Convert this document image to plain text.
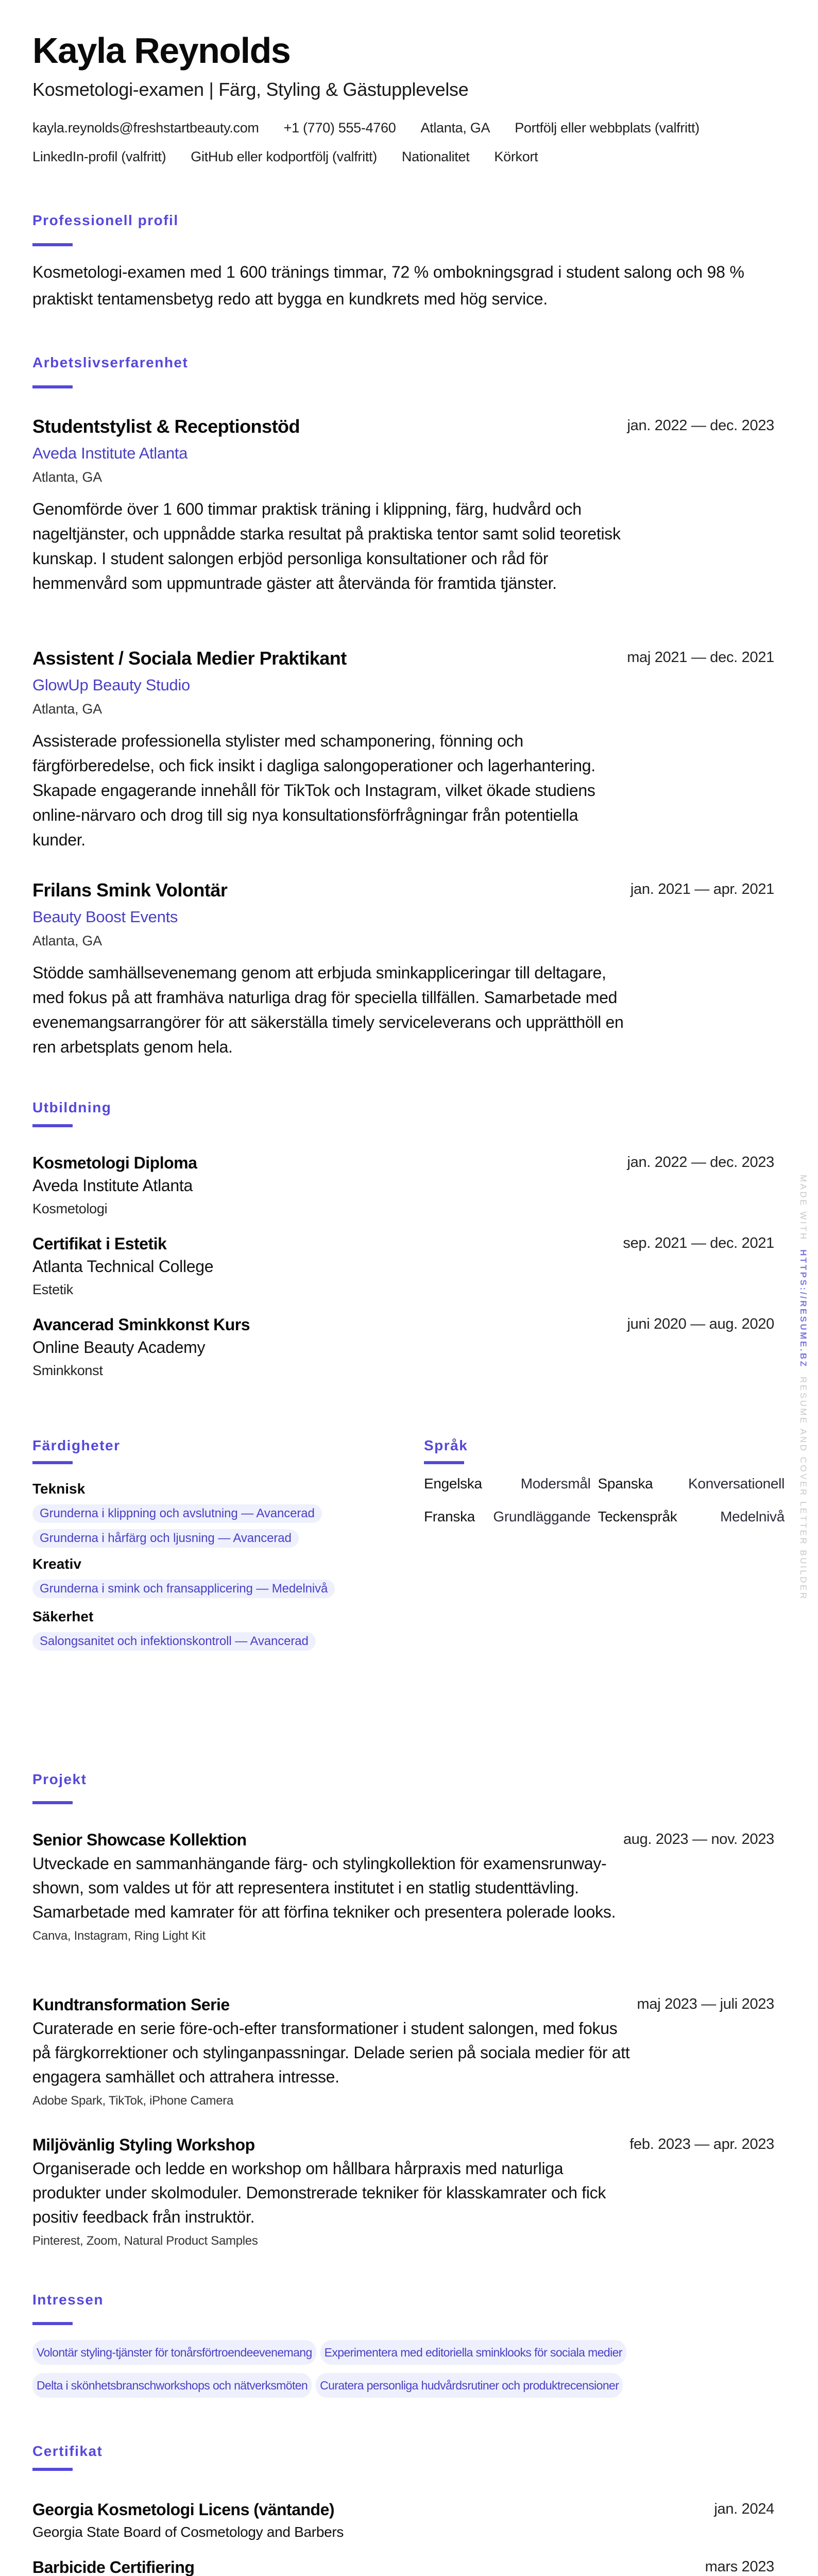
Kayla Reynolds
Kosmetologi-examen | Färg, Styling & Gästupplevelse
kayla.reynolds@freshstartbeauty.com +1 (770) 555-4760 Atlanta, GA Portfölj eller webbplats (valfritt)
LinkedIn-profil (valfritt) GitHub eller kodportfölj (valfritt) Nationalitet Körkort
Professionell profil

Kosmetologi-examen med 1 600 tränings timmar, 72 % ombokningsgrad i student salong och 98 % praktiskt tentamensbetyg redo att bygga en kundkrets med hög service.

Arbetslivserfarenhet
Studentstylist & Receptionstöd	jan. 2022 — dec. 2023
Aveda Institute Atlanta
Atlanta, GA
Genomförde över 1 600 timmar praktisk träning i klippning, färg, hudvård och nageltjänster, och uppnådde starka resultat på praktiska tentor samt solid teoretisk kunskap. I student salongen erbjöd personliga konsultationer och råd för hemmenvård som uppmuntrade gäster att återvända för framtida tjänster.
Assistent / Sociala Medier Praktikant	maj 2021 — dec. 2021
GlowUp Beauty Studio
Atlanta, GA
Assisterade professionella stylister med schamponering, fönning och färgförberedelse, och fick insikt i dagliga salongoperationer och lagerhantering. Skapade engagerande innehåll för TikTok och Instagram, vilket ökade studiens online-närvaro och drog till sig nya konsultationsförfrågningar från potentiella kunder.
Frilans Smink Volontär	jan. 2021 — apr. 2021
Beauty Boost Events
Atlanta, GA
Stödde samhällsevenemang genom att erbjuda sminkappliceringar till deltagare, med fokus på att framhäva naturliga drag för speciella tillfällen. Samarbetade med evenemangsarrangörer för att säkerställa timely serviceleverans och upprätthöll en ren arbetsplats genom hela.
Utbildning
Kosmetologi Diploma	jan. 2022 — dec. 2023
Aveda Institute Atlanta
Kosmetologi
Certifikat i Estetik	sep. 2021 — dec. 2021
Atlanta Technical College
Estetik
Avancerad Sminkkonst Kurs	juni 2020 — aug. 2020
Online Beauty Academy
Sminkkonst
Färdigheter
Teknisk
Grunderna i klippning och avslutning — Avancerad
Grunderna i hårfärg och ljusning — Avancerad
Kreativ
Grunderna i smink och fransapplicering — Medelnivå
Säkerhet
Salongsanitet och infektionskontroll — Avancerad
Språk
Engelska	Modersmål Spanska	Konversationell
Franska	Grundläggande Teckenspråk	Medelnivå
Projekt
Senior Showcase Kollektion	aug. 2023 — nov. 2023
Utveckade en sammanhängande färg- och stylingkollektion för examensrunway-shown, som valdes ut för att representera institutet i en statlig studenttävling. Samarbetade med kamrater för att förfina tekniker och presentera polerade looks.
Canva, Instagram, Ring Light Kit
Kundtransformation Serie	maj 2023 — juli 2023
Curaterade en serie före-och-efter transformationer i student salongen, med fokus på färgkorrektioner och stylinganpassningar. Delade serien på sociala medier för att engagera samhället och attrahera intresse.
Adobe Spark, TikTok, iPhone Camera
Miljövänlig Styling Workshop	feb. 2023 — apr. 2023
Organiserade och ledde en workshop om hållbara hårpraxis med naturliga produkter under skolmoduler. Demonstrerade tekniker för klasskamrater och fick positiv feedback från instruktör.
Pinterest, Zoom, Natural Product Samples
Intressen
Volontär styling-tjänster för tonårsförtroendeevenemang Experimentera med editoriella sminklooks för sociala medier
Delta i skönhetsbranschworkshops och nätverksmöten Curatera personliga hudvårdsrutiner och produktrecensioner
Certifikat
Georgia Kosmetologi Licens (väntande)	jan. 2024
Georgia State Board of Cosmetology and Barbers
Barbicide Certifiering	mars 2023
MADE WITH  HTTPS://RESUME.BZ  RESUME AND COVER LETTER BUILDER
